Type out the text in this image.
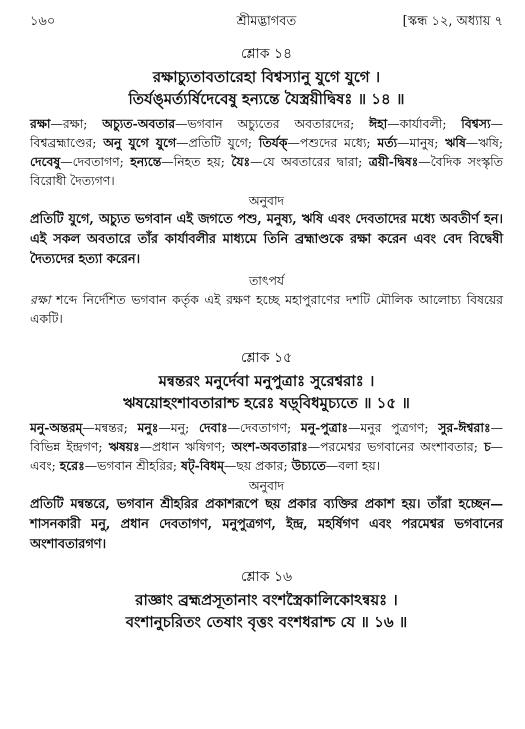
১৬০	শ্রীমদ্ভাগবত	[স্কন্ধ ১২, অধ্যায় ৭
শ্লোক ১৪
রক্ষাচ্যুতাবতারেহা বিশ্বস্যানু যুগে যুগে ।
তির্যঙ্‌মর্ত্যর্ষিদেবেষু হন্যন্তে যৈস্ত্রয়ীদ্বিষঃ ॥ ১৪ ॥
রক্ষা—রক্ষা; অচ্যুত-অবতার—ভগবান অচ্যুতের অবতারদের; ঈহা—কার্যাবলী; বিশ্বস্য—বিশ্বব্রহ্মাণ্ডের; অনু যুগে যুগে—প্রতিটি যুগে; তির্যক্—পশুদের মধ্যে; মর্ত্য—মানুষ; ঋষি—ঋষি; দেবেষু—দেবতাগণ; হন্যন্তে—নিহত হয়; যৈঃ—যে অবতারের দ্বারা; ত্রয়ী-দ্বিষঃ—বৈদিক সংস্কৃতি বিরোধী দৈত্যগণ।
অনুবাদ
প্রতিটি যুগে, অচ্যুত ভগবান এই জগতে পশু, মনুষ্য, ঋষি এবং দেবতাদের মধ্যে অবতীর্ণ হন। এই সকল অবতারে তাঁর কার্যাবলীর মাধ্যমে তিনি ব্রহ্মাণ্ডকে রক্ষা করেন এবং বেদ বিদ্বেষী দৈত্যদের হত্যা করেন।
তাৎপর্য
রক্ষা শব্দে নির্দেশিত ভগবান কর্তৃক এই রক্ষণ হচ্ছে মহাপুরাণের দশটি মৌলিক আলোচ্য বিষয়ের একটি।
শ্লোক ১৫
মন্বন্তরং মনুর্দেবা মনুপুত্রাঃ সুরেশ্বরাঃ ।
ঋষয়োহংশাবতারাশ্চ হরেঃ ষড়্‌বিধমুচ্যতে ॥ ১৫ ॥
মনু-অন্তরম্—মন্বন্তর; মনুঃ—মনু; দেবাঃ—দেবতাগণ; মনু-পুত্রাঃ—মনুর পুত্রগণ; সুর-ঈশ্বরাঃ—বিভিন্ন ইন্দ্রগণ; ঋষয়ঃ—প্রধান ঋষিগণ; অংশ-অবতারাঃ—পরমেশ্বর ভগবানের অংশাবতার; চ—এবং; হরেঃ—ভগবান শ্রীহরির; ষট্-বিধম্—ছয় প্রকার; উচ্যতে—বলা হয়।
অনুবাদ
প্রতিটি মন্বন্তরে, ভগবান শ্রীহরির প্রকাশরূপে ছয় প্রকার ব্যক্তির প্রকাশ হয়। তাঁরা হচ্ছেন—শাসনকারী মনু, প্রধান দেবতাগণ, মনুপুত্রগণ, ইন্দ্র, মহর্ষিগণ এবং পরমেশ্বর ভগবানের অংশাবতারগণ।
শ্লোক ১৬
রাজ্ঞাং ব্রহ্মপ্রসূতানাং বংশস্ত্রৈকালিকোঽন্বয়ঃ ।
বংশানুচরিতং তেষাং বৃত্তং বংশধরাশ্চ যে ॥ ১৬ ॥
